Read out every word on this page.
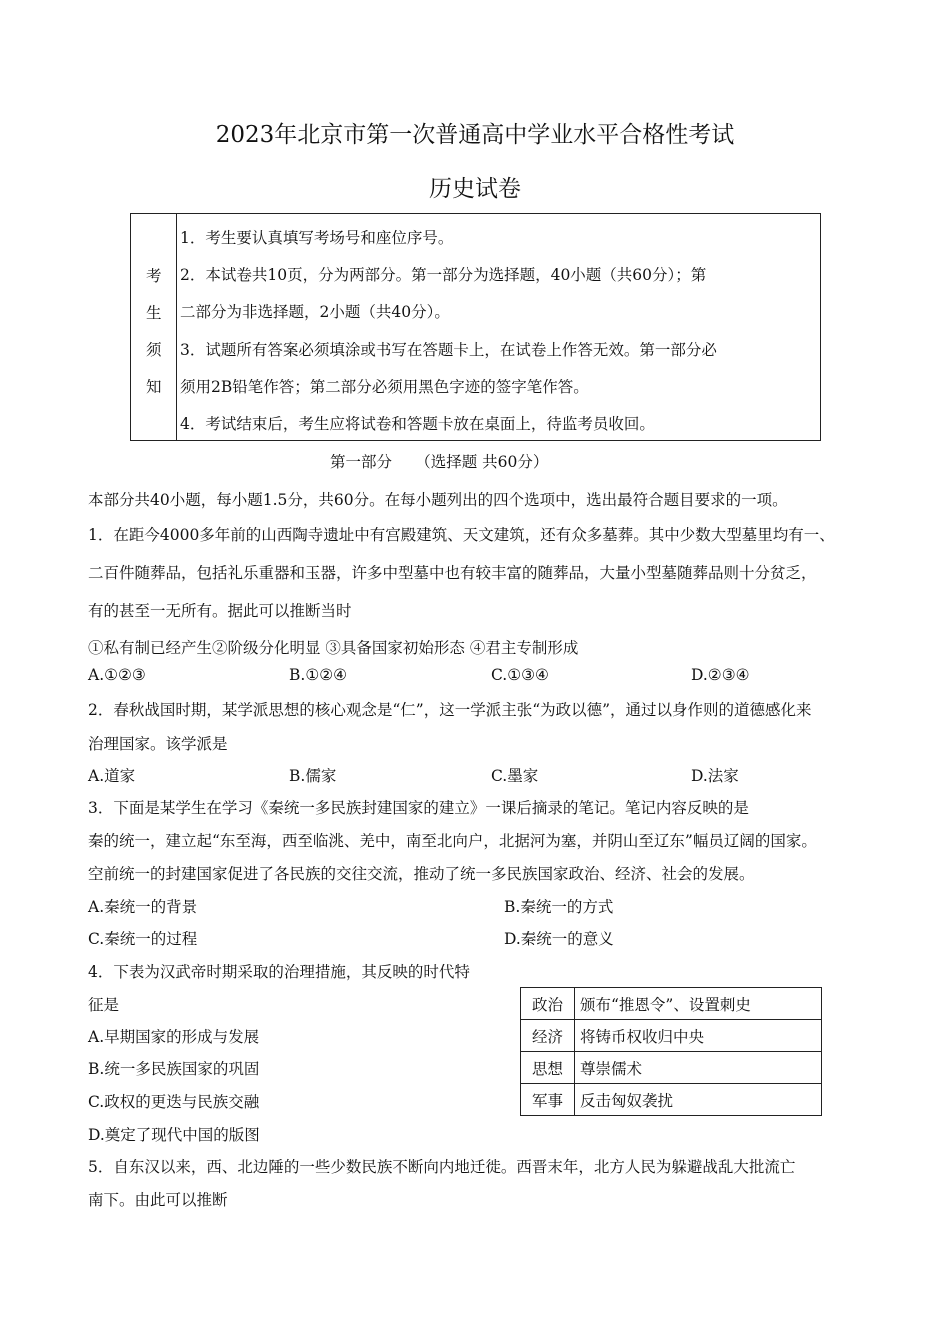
2023年北京市第一次普通高中学业水平合格性考试
历史试卷
考
生
须
知
1．考生要认真填写考场号和座位序号。
2．本试卷共10页，分为两部分。第一部分为选择题，40小题（共60分）；第
二部分为非选择题，2小题（共40分）。
3．试题所有答案必须填涂或书写在答题卡上，在试卷上作答无效。第一部分必
须用2B铅笔作答；第二部分必须用黑色字迹的签字笔作答。
4．考试结束后，考生应将试卷和答题卡放在桌面上，待监考员收回。
第一部分　　（选择题 共60分）
本部分共40小题，每小题1.5分，共60分。在每小题列出的四个选项中，选出最符合题目要求的一项。
1．在距今4000多年前的山西陶寺遗址中有宫殿建筑、天文建筑，还有众多墓葬。其中少数大型墓里均有一、
二百件随葬品，包括礼乐重器和玉器，许多中型墓中也有较丰富的随葬品，大量小型墓随葬品则十分贫乏，
有的甚至一无所有。据此可以推断当时
①私有制已经产生②阶级分化明显 ③具备国家初始形态 ④君主专制形成
A.①②③	B.①②④	C.①③④	D.②③④
2．春秋战国时期，某学派思想的核心观念是“仁”，这一学派主张“为政以德”，通过以身作则的道德感化来
治理国家。该学派是
A.道家	B.儒家	C.墨家	D.法家
3．下面是某学生在学习《秦统一多民族封建国家的建立》一课后摘录的笔记。笔记内容反映的是
秦的统一，建立起“东至海，西至临洮、羌中，南至北向户，北据河为塞，并阴山至辽东”幅员辽阔的国家。
空前统一的封建国家促进了各民族的交往交流，推动了统一多民族国家政治、经济、社会的发展。
A.秦统一的背景	B.秦统一的方式
C.秦统一的过程	D.秦统一的意义
4．下表为汉武帝时期采取的治理措施，其反映的时代特
征是
A.早期国家的形成与发展
B.统一多民族国家的巩固
C.政权的更迭与民族交融
D.奠定了现代中国的版图
政治	颁布“推恩令”、设置刺史
经济	将铸币权收归中央
思想	尊崇儒术
军事	反击匈奴袭扰
5．自东汉以来，西、北边陲的一些少数民族不断向内地迁徙。西晋末年，北方人民为躲避战乱大批流亡
南下。由此可以推断
